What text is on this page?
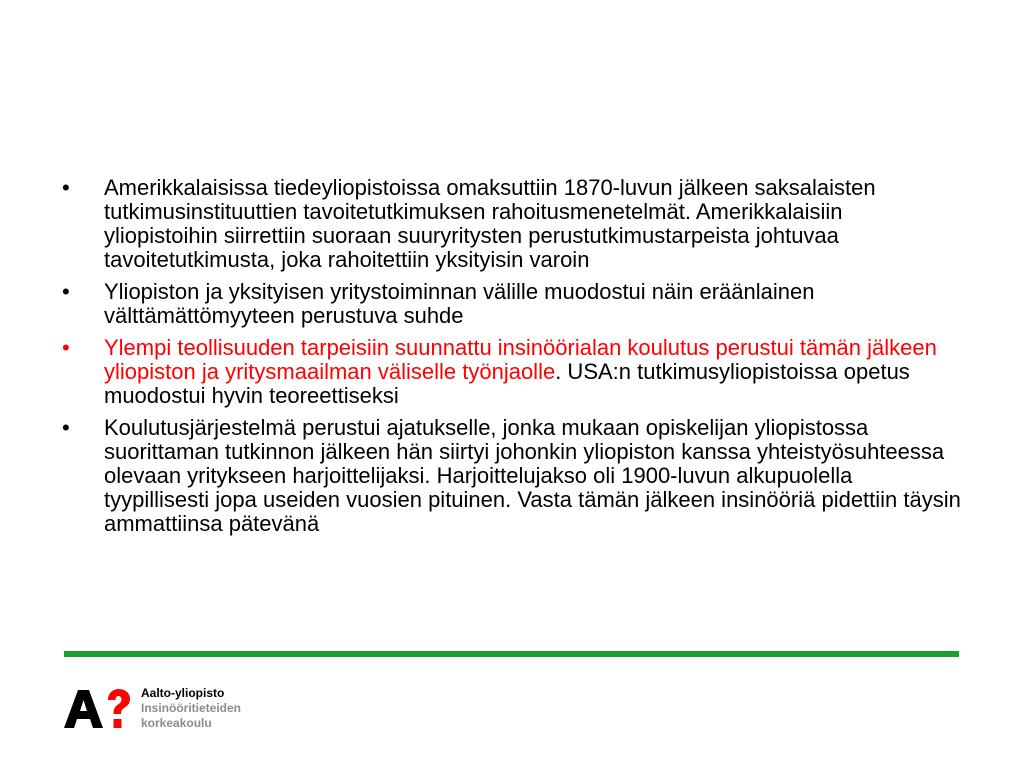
•	Amerikkalaisissa tiedeyliopistoissa omaksuttiin 1870-luvun jälkeen saksalaisten tutkimusinstituuttien tavoitetutkimuksen rahoitusmenetelmät. Amerikkalaisiin yliopistoihin siirrettiin suoraan suuryritysten perustutkimustarpeista johtuvaa tavoitetutkimusta, joka rahoitettiin yksityisin varoin
•	Yliopiston ja yksityisen yritystoiminnan välille muodostui näin eräänlainen välttämättömyyteen perustuva suhde
•	Ylempi teollisuuden tarpeisiin suunnattu insinöörialan koulutus perustui tämän jälkeen yliopiston ja yritysmaailman väliselle työnjaolle. USA:n tutkimusyliopistoissa opetus muodostui hyvin teoreettiseksi
•	Koulutusjärjestelmä perustui ajatukselle, jonka mukaan opiskelijan yliopistossa suorittaman tutkinnon jälkeen hän siirtyi johonkin yliopiston kanssa yhteistyösuhteessa olevaan yritykseen harjoittelijaksi. Harjoittelujakso oli 1900-luvun alkupuolella tyypillisesti jopa useiden vuosien pituinen. Vasta tämän jälkeen insinööriä pidettiin täysin ammattiinsa pätevänä
Aalto-yliopisto
Insinööritieteiden
korkeakoulu
